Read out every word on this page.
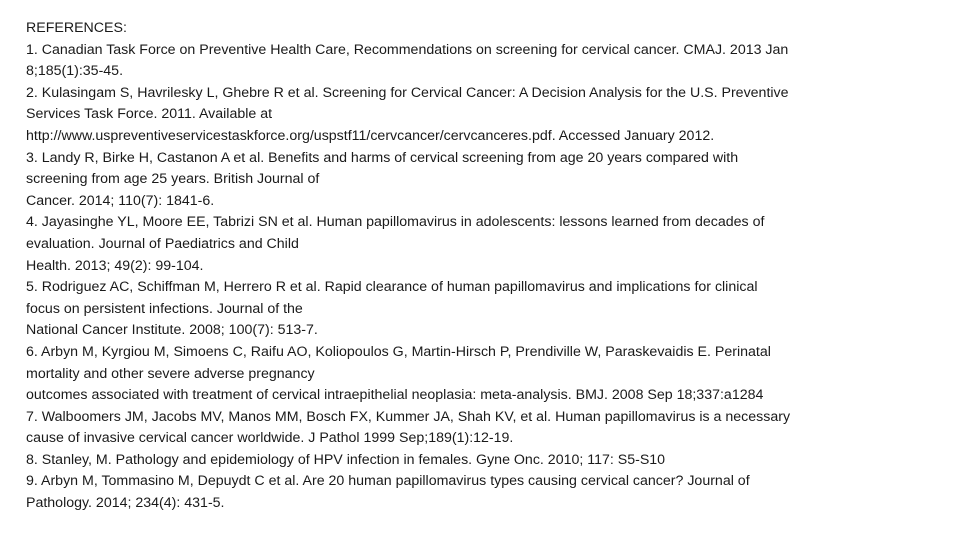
REFERENCES:
1. Canadian Task Force on Preventive Health Care, Recommendations on screening for cervical cancer. CMAJ. 2013 Jan
8;185(1):35-45.
2. Kulasingam S, Havrilesky L, Ghebre R et al. Screening for Cervical Cancer: A Decision Analysis for the U.S. Preventive
Services Task Force. 2011. Available at
http://www.uspreventiveservicestaskforce.org/uspstf11/cervcancer/cervcanceres.pdf. Accessed January 2012.
3. Landy R, Birke H, Castanon A et al. Benefits and harms of cervical screening from age 20 years compared with
screening from age 25 years. British Journal of
Cancer. 2014; 110(7): 1841-6.
4. Jayasinghe YL, Moore EE, Tabrizi SN et al. Human papillomavirus in adolescents: lessons learned from decades of
evaluation. Journal of Paediatrics and Child
Health. 2013; 49(2): 99-104.
5. Rodriguez AC, Schiffman M, Herrero R et al. Rapid clearance of human papillomavirus and implications for clinical
focus on persistent infections. Journal of the
National Cancer Institute. 2008; 100(7): 513-7.
6. Arbyn M, Kyrgiou M, Simoens C, Raifu AO, Koliopoulos G, Martin-Hirsch P, Prendiville W, Paraskevaidis E. Perinatal
mortality and other severe adverse pregnancy
outcomes associated with treatment of cervical intraepithelial neoplasia: meta-analysis. BMJ. 2008 Sep 18;337:a1284
7. Walboomers JM, Jacobs MV, Manos MM, Bosch FX, Kummer JA, Shah KV, et al. Human papillomavirus is a necessary
cause of invasive cervical cancer worldwide. J Pathol 1999 Sep;189(1):12-19.
8. Stanley, M. Pathology and epidemiology of HPV infection in females. Gyne Onc. 2010; 117: S5-S10
9. Arbyn M, Tommasino M, Depuydt C et al. Are 20 human papillomavirus types causing cervical cancer? Journal of
Pathology. 2014; 234(4): 431-5.
